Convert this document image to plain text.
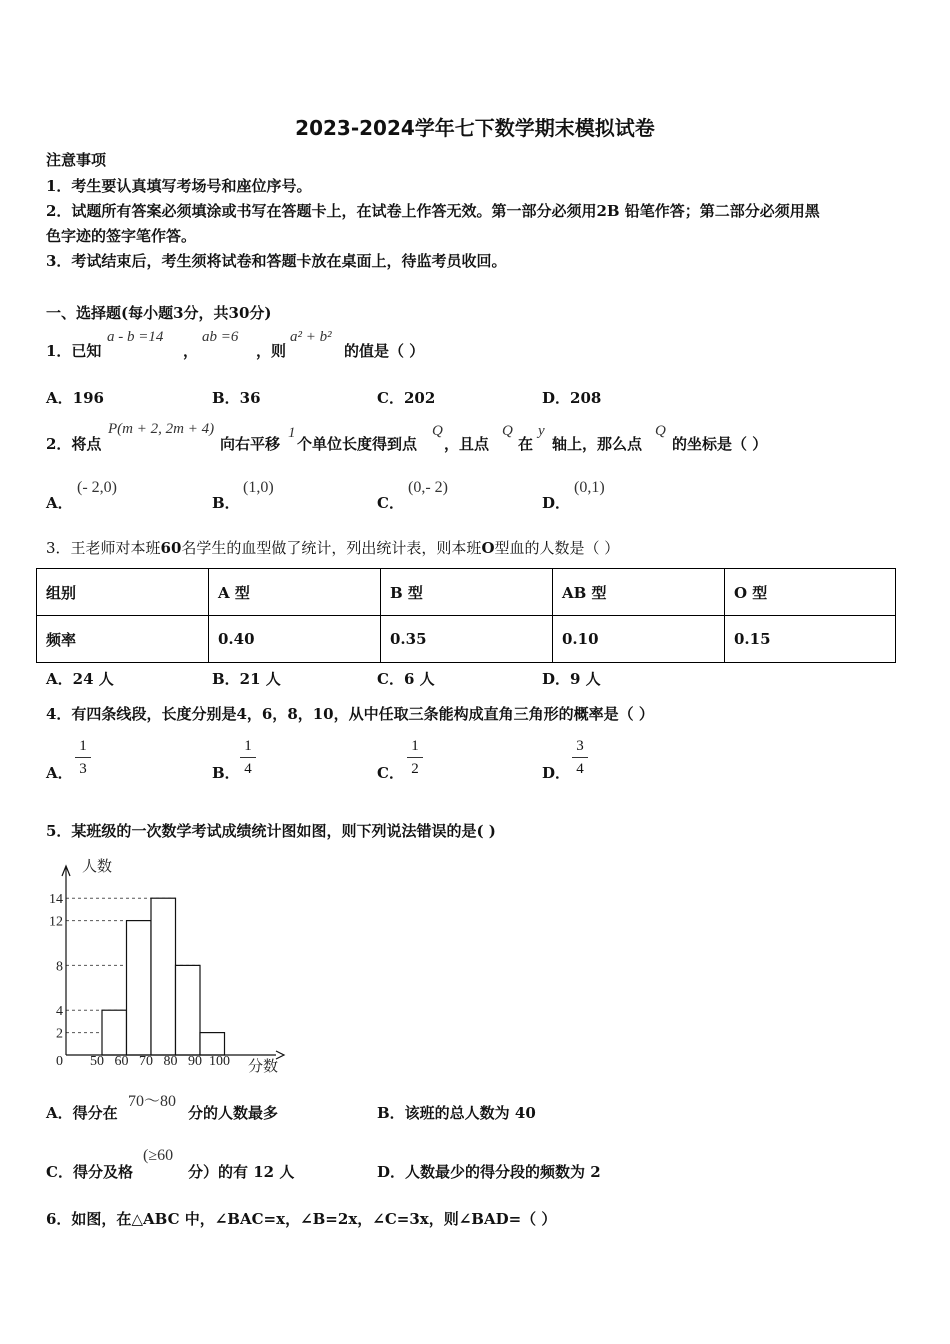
2023-2024学年七下数学期末模拟试卷
注意事项
1．考生要认真填写考场号和座位序号。
2．试题所有答案必须填涂或书写在答题卡上，在试卷上作答无效。第一部分必须用2B 铅笔作答；第二部分必须用黑
色字迹的签字笔作答。
3．考试结束后，考生须将试卷和答题卡放在桌面上，待监考员收回。
一、选择题(每小题3分，共30分)
1．已知
a - b =14
，
ab =6
，则
a² + b²
的值是（ ）
A．196	B．36	C．202	D．208
2．将点
P(m + 2, 2m + 4)
向右平移
1
个单位长度得到点
Q
，且点
Q
在
y
轴上，那么点
Q
的坐标是（ ）
A．
(- 2,0)
B．
(1,0)
C．
(0,- 2)
D．
(0,1)
3．王老师对本班60名学生的血型做了统计，列出统计表，则本班O型血的人数是（ ）
组别	A 型	B 型	AB 型	O 型
频率	0.40	0.35	0.10	0.15
A．24 人	B．21 人	C．6 人	D．9 人
4．有四条线段，长度分别是4，6，8，10，从中任取三条能构成直角三角形的概率是（ ）
A．
1
3	B．
1
4	C．
1
2	D．
3
4
5．某班级的一次数学考试成绩统计图如图，则下列说法错误的是( )
2
4
8
12
14
0 50 60 70 80 90 100
人数
分数
A．得分在
70～80
分的人数最多	B．该班的总人数为 40
C．得分及格
(≥60
分）的有 12 人	D．人数最少的得分段的频数为 2
6．如图，在△ABC 中，∠BAC=x，∠B=2x，∠C=3x，则∠BAD=（ ）
